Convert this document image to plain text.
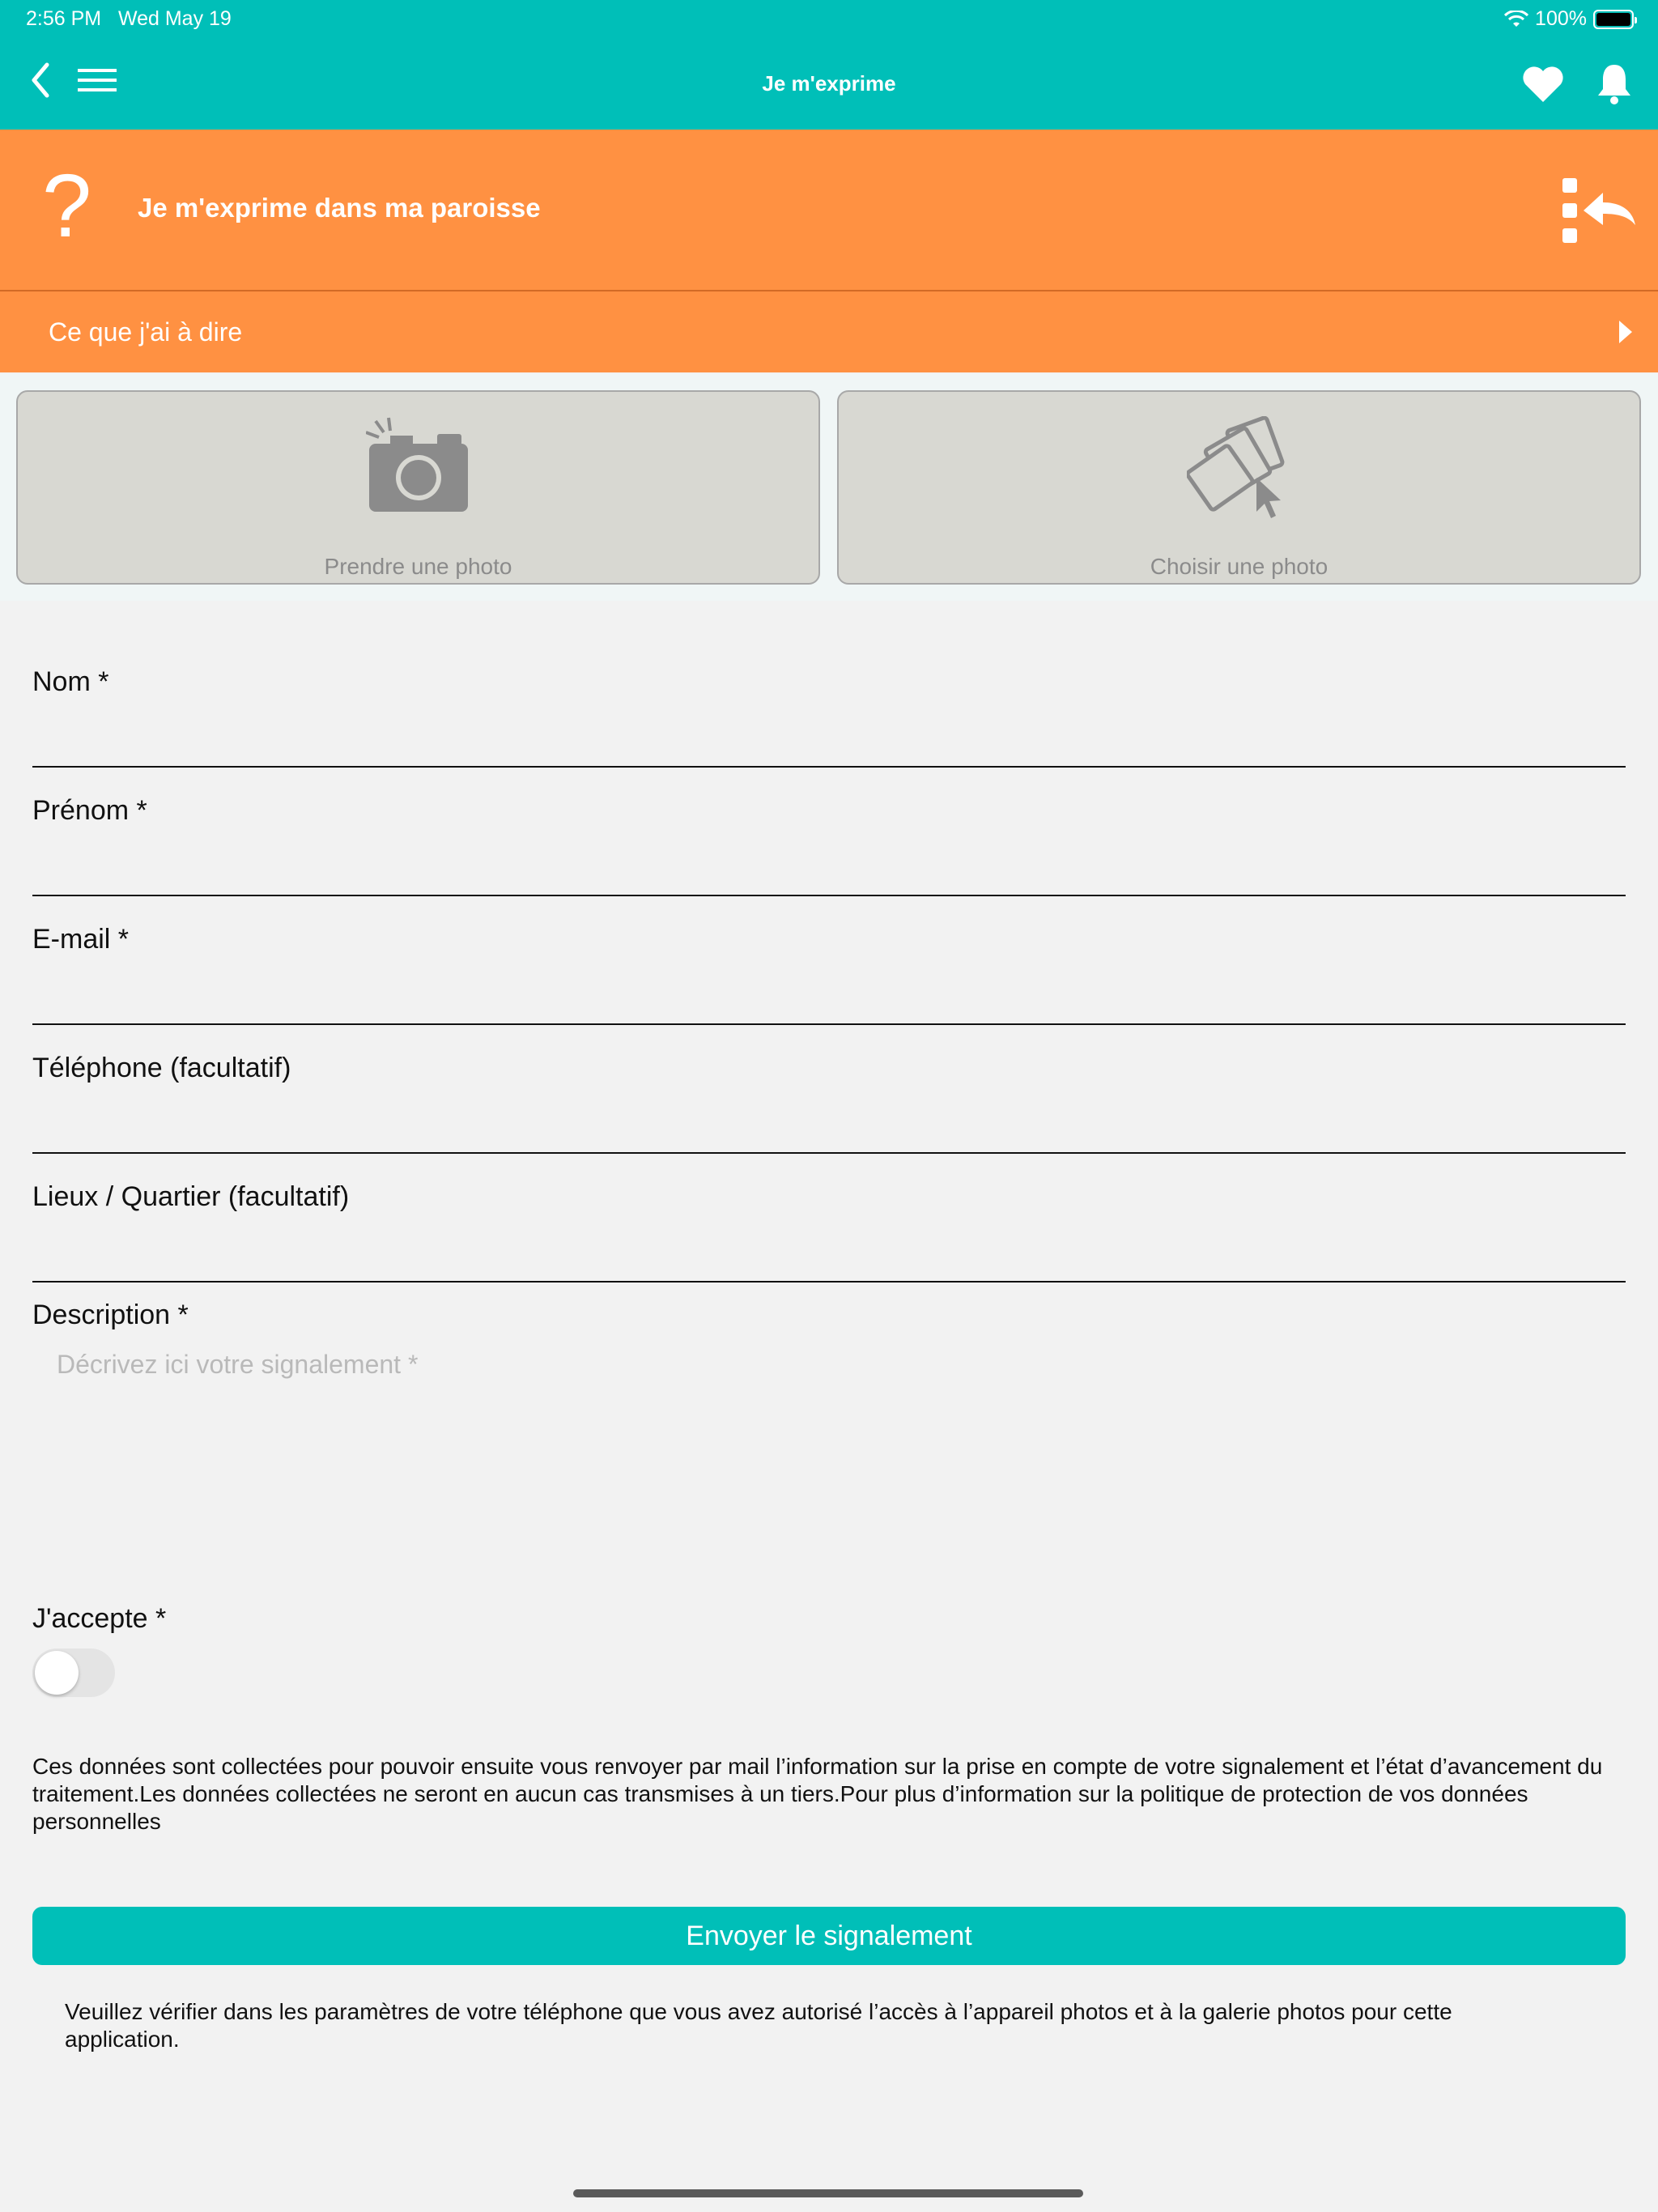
2:56 PM Wed May 19	100%
Je m'exprime
? Je m'exprime dans ma paroisse
Ce que j'ai à dire
Prendre une photo	Choisir une photo
Nom *
Prénom *
E-mail *
Téléphone (facultatif)
Lieux / Quartier (facultatif)
Description *
Décrivez ici votre signalement *
J'accepte *
Ces données sont collectées pour pouvoir ensuite vous renvoyer par mail l’information sur la prise en compte de votre signalement et l’état d’avancement du traitement.Les données collectées ne seront en aucun cas transmises à un tiers.Pour plus d’information sur la politique de protection de vos données personnelles
Envoyer le signalement
Veuillez vérifier dans les paramètres de votre téléphone que vous avez autorisé l’accès à l’appareil photos et à la galerie photos pour cette application.
